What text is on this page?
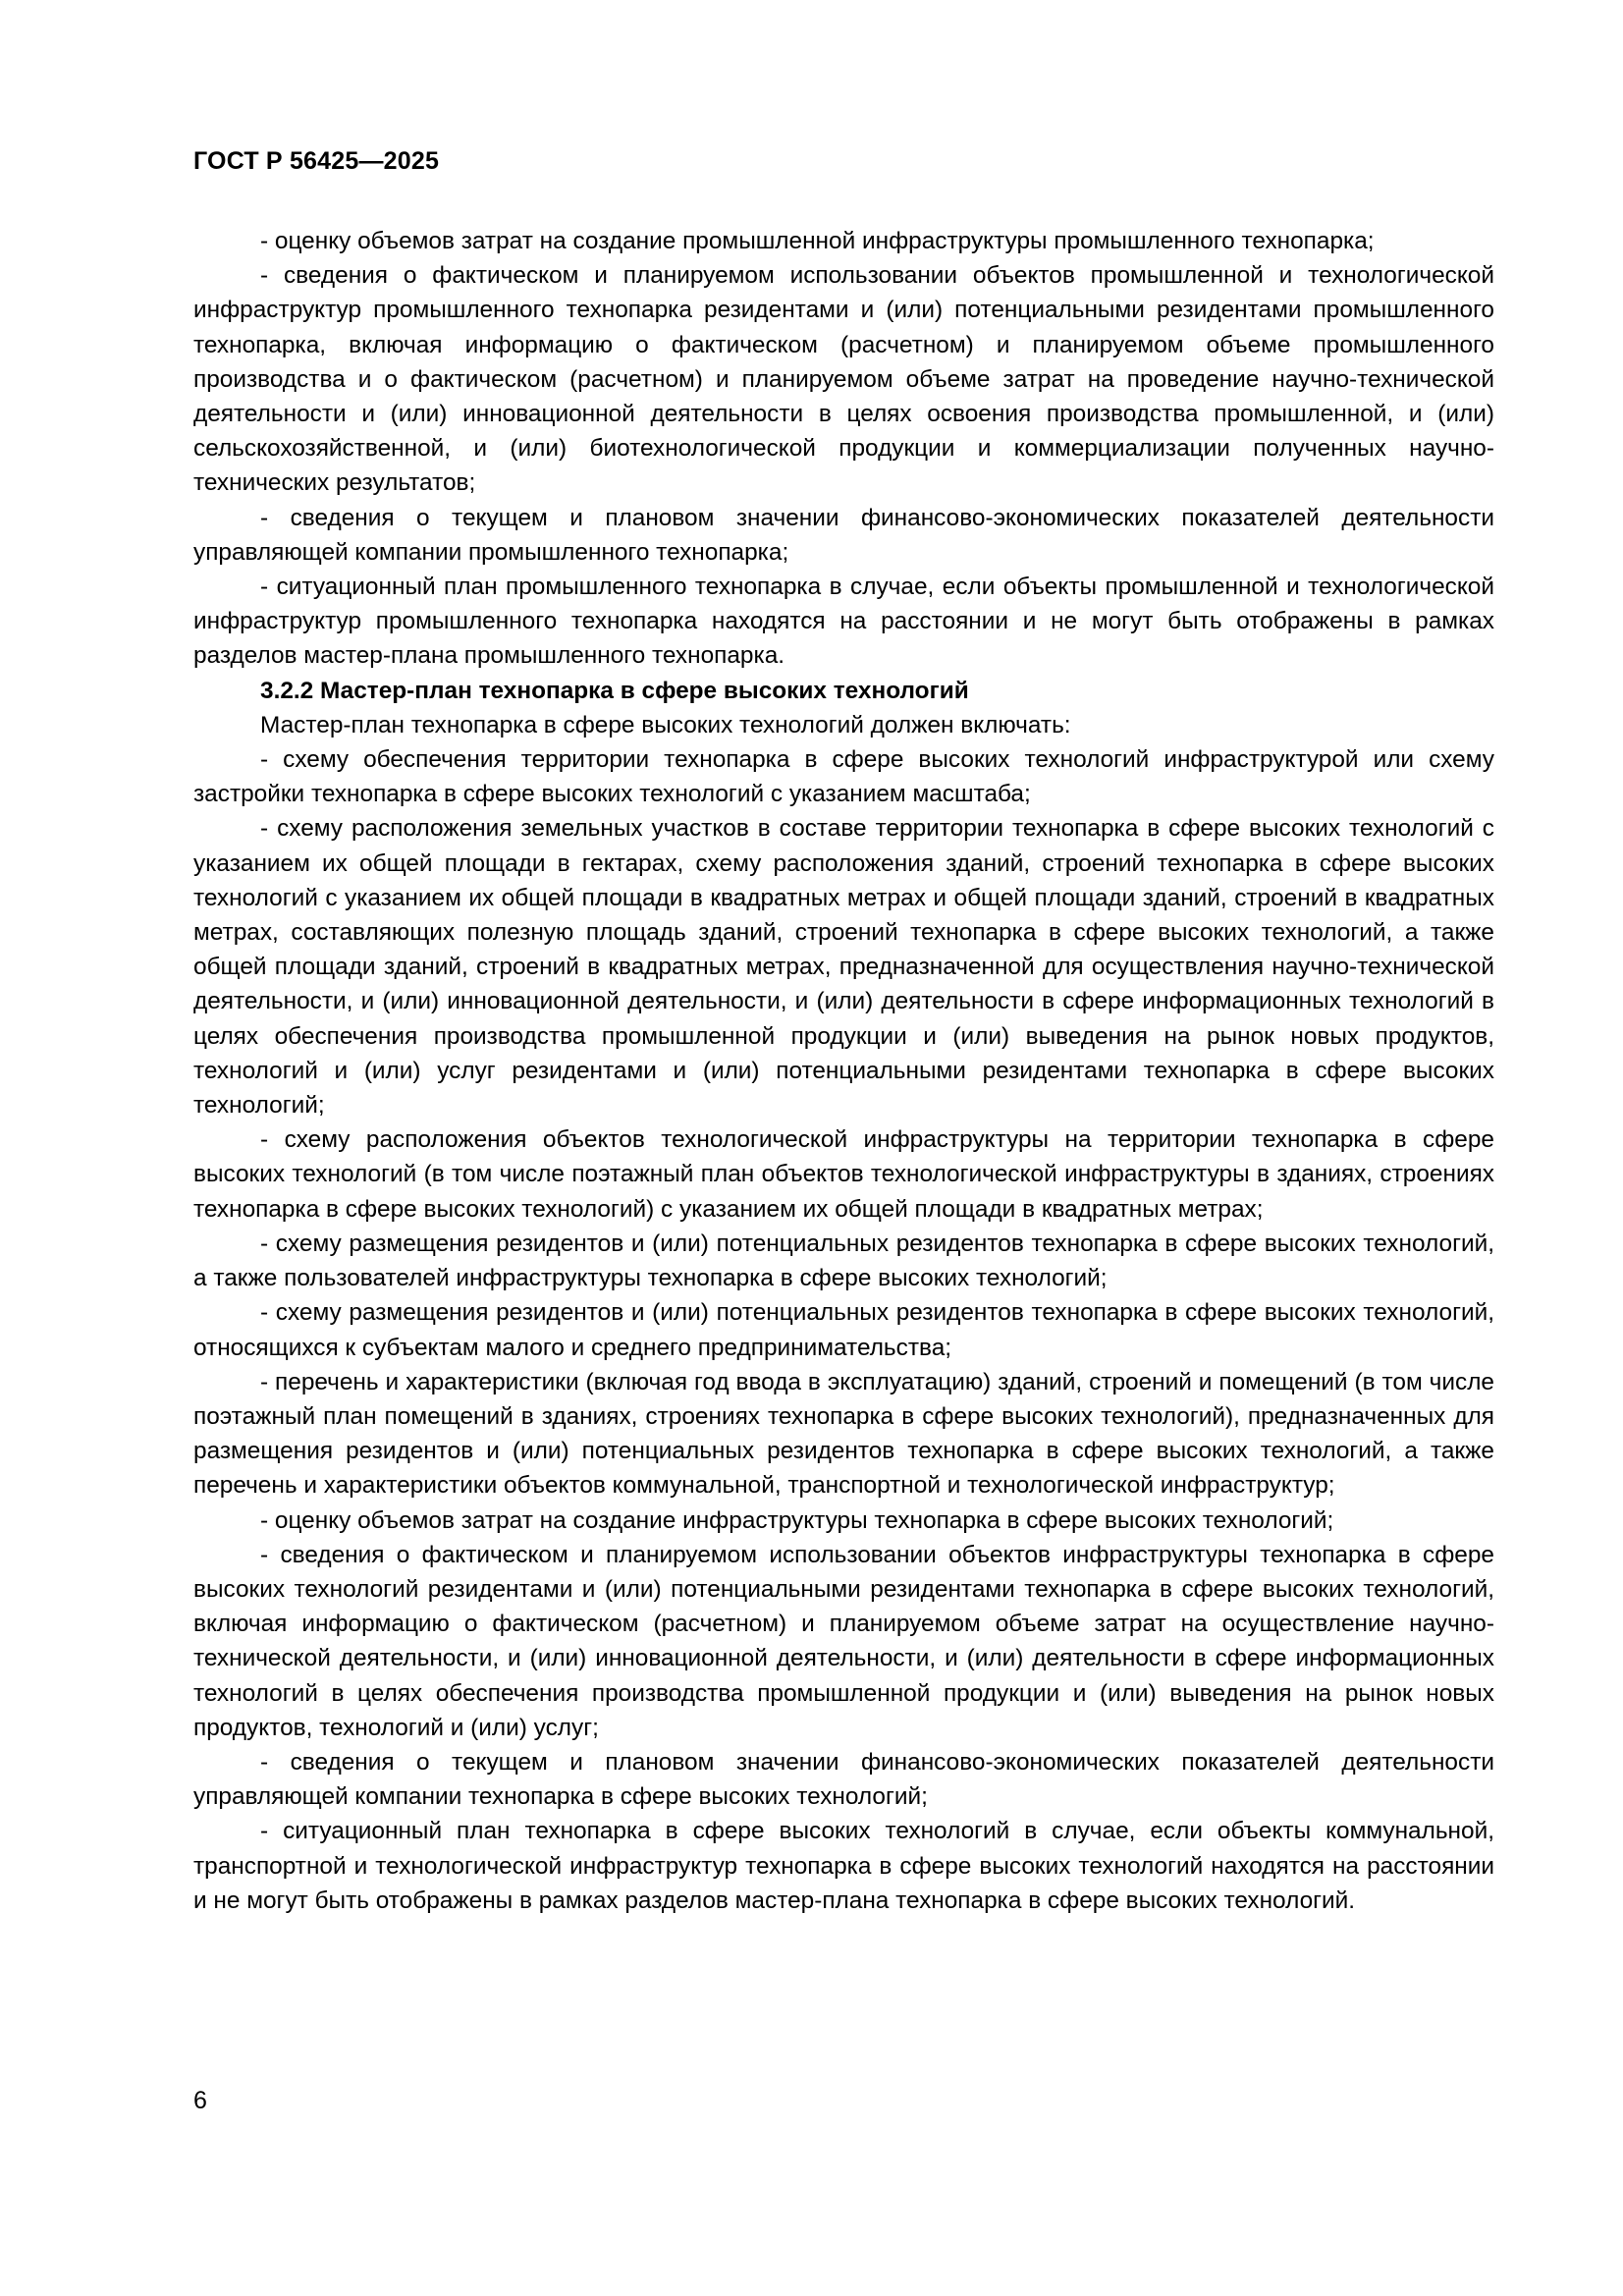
ГОСТ Р 56425—2025

- оценку объемов затрат на создание промышленной инфраструктуры промышленного технопарка;

- сведения о фактическом и планируемом использовании объектов промышленной и технологической инфраструктур промышленного технопарка резидентами и (или) потенциальными резидентами промышленного технопарка, включая информацию о фактическом (расчетном) и планируемом объеме промышленного производства и о фактическом (расчетном) и планируемом объеме затрат на проведение научно-технической деятельности и (или) инновационной деятельности в целях освоения производства промышленной, и (или) сельскохозяйственной, и (или) биотехнологической продукции и коммерциализации полученных научно-технических результатов;

- сведения о текущем и плановом значении финансово-экономических показателей деятельности управляющей компании промышленного технопарка;

- ситуационный план промышленного технопарка в случае, если объекты промышленной и технологической инфраструктур промышленного технопарка находятся на расстоянии и не могут быть отображены в рамках разделов мастер-плана промышленного технопарка.

3.2.2 Мастер-план технопарка в сфере высоких технологий

Мастер-план технопарка в сфере высоких технологий должен включать:

- схему обеспечения территории технопарка в сфере высоких технологий инфраструктурой или схему застройки технопарка в сфере высоких технологий с указанием масштаба;

- схему расположения земельных участков в составе территории технопарка в сфере высоких технологий с указанием их общей площади в гектарах, схему расположения зданий, строений технопарка в сфере высоких технологий с указанием их общей площади в квадратных метрах и общей площади зданий, строений в квадратных метрах, составляющих полезную площадь зданий, строений технопарка в сфере высоких технологий, а также общей площади зданий, строений в квадратных метрах, предназначенной для осуществления научно-технической деятельности, и (или) инновационной деятельности, и (или) деятельности в сфере информационных технологий в целях обеспечения производства промышленной продукции и (или) выведения на рынок новых продуктов, технологий и (или) услуг резидентами и (или) потенциальными резидентами технопарка в сфере высоких технологий;

- схему расположения объектов технологической инфраструктуры на территории технопарка в сфере высоких технологий (в том числе поэтажный план объектов технологической инфраструктуры в зданиях, строениях технопарка в сфере высоких технологий) с указанием их общей площади в квадратных метрах;

- схему размещения резидентов и (или) потенциальных резидентов технопарка в сфере высоких технологий, а также пользователей инфраструктуры технопарка в сфере высоких технологий;

- схему размещения резидентов и (или) потенциальных резидентов технопарка в сфере высоких технологий, относящихся к субъектам малого и среднего предпринимательства;

- перечень и характеристики (включая год ввода в эксплуатацию) зданий, строений и помещений (в том числе поэтажный план помещений в зданиях, строениях технопарка в сфере высоких технологий), предназначенных для размещения резидентов и (или) потенциальных резидентов технопарка в сфере высоких технологий, а также перечень и характеристики объектов коммунальной, транспортной и технологической инфраструктур;

- оценку объемов затрат на создание инфраструктуры технопарка в сфере высоких технологий;

- сведения о фактическом и планируемом использовании объектов инфраструктуры технопарка в сфере высоких технологий резидентами и (или) потенциальными резидентами технопарка в сфере высоких технологий, включая информацию о фактическом (расчетном) и планируемом объеме затрат на осуществление научно-технической деятельности, и (или) инновационной деятельности, и (или) деятельности в сфере информационных технологий в целях обеспечения производства промышленной продукции и (или) выведения на рынок новых продуктов, технологий и (или) услуг;

- сведения о текущем и плановом значении финансово-экономических показателей деятельности управляющей компании технопарка в сфере высоких технологий;

- ситуационный план технопарка в сфере высоких технологий в случае, если объекты коммунальной, транспортной и технологической инфраструктур технопарка в сфере высоких технологий находятся на расстоянии и не могут быть отображены в рамках разделов мастер-плана технопарка в сфере высоких технологий.

6
